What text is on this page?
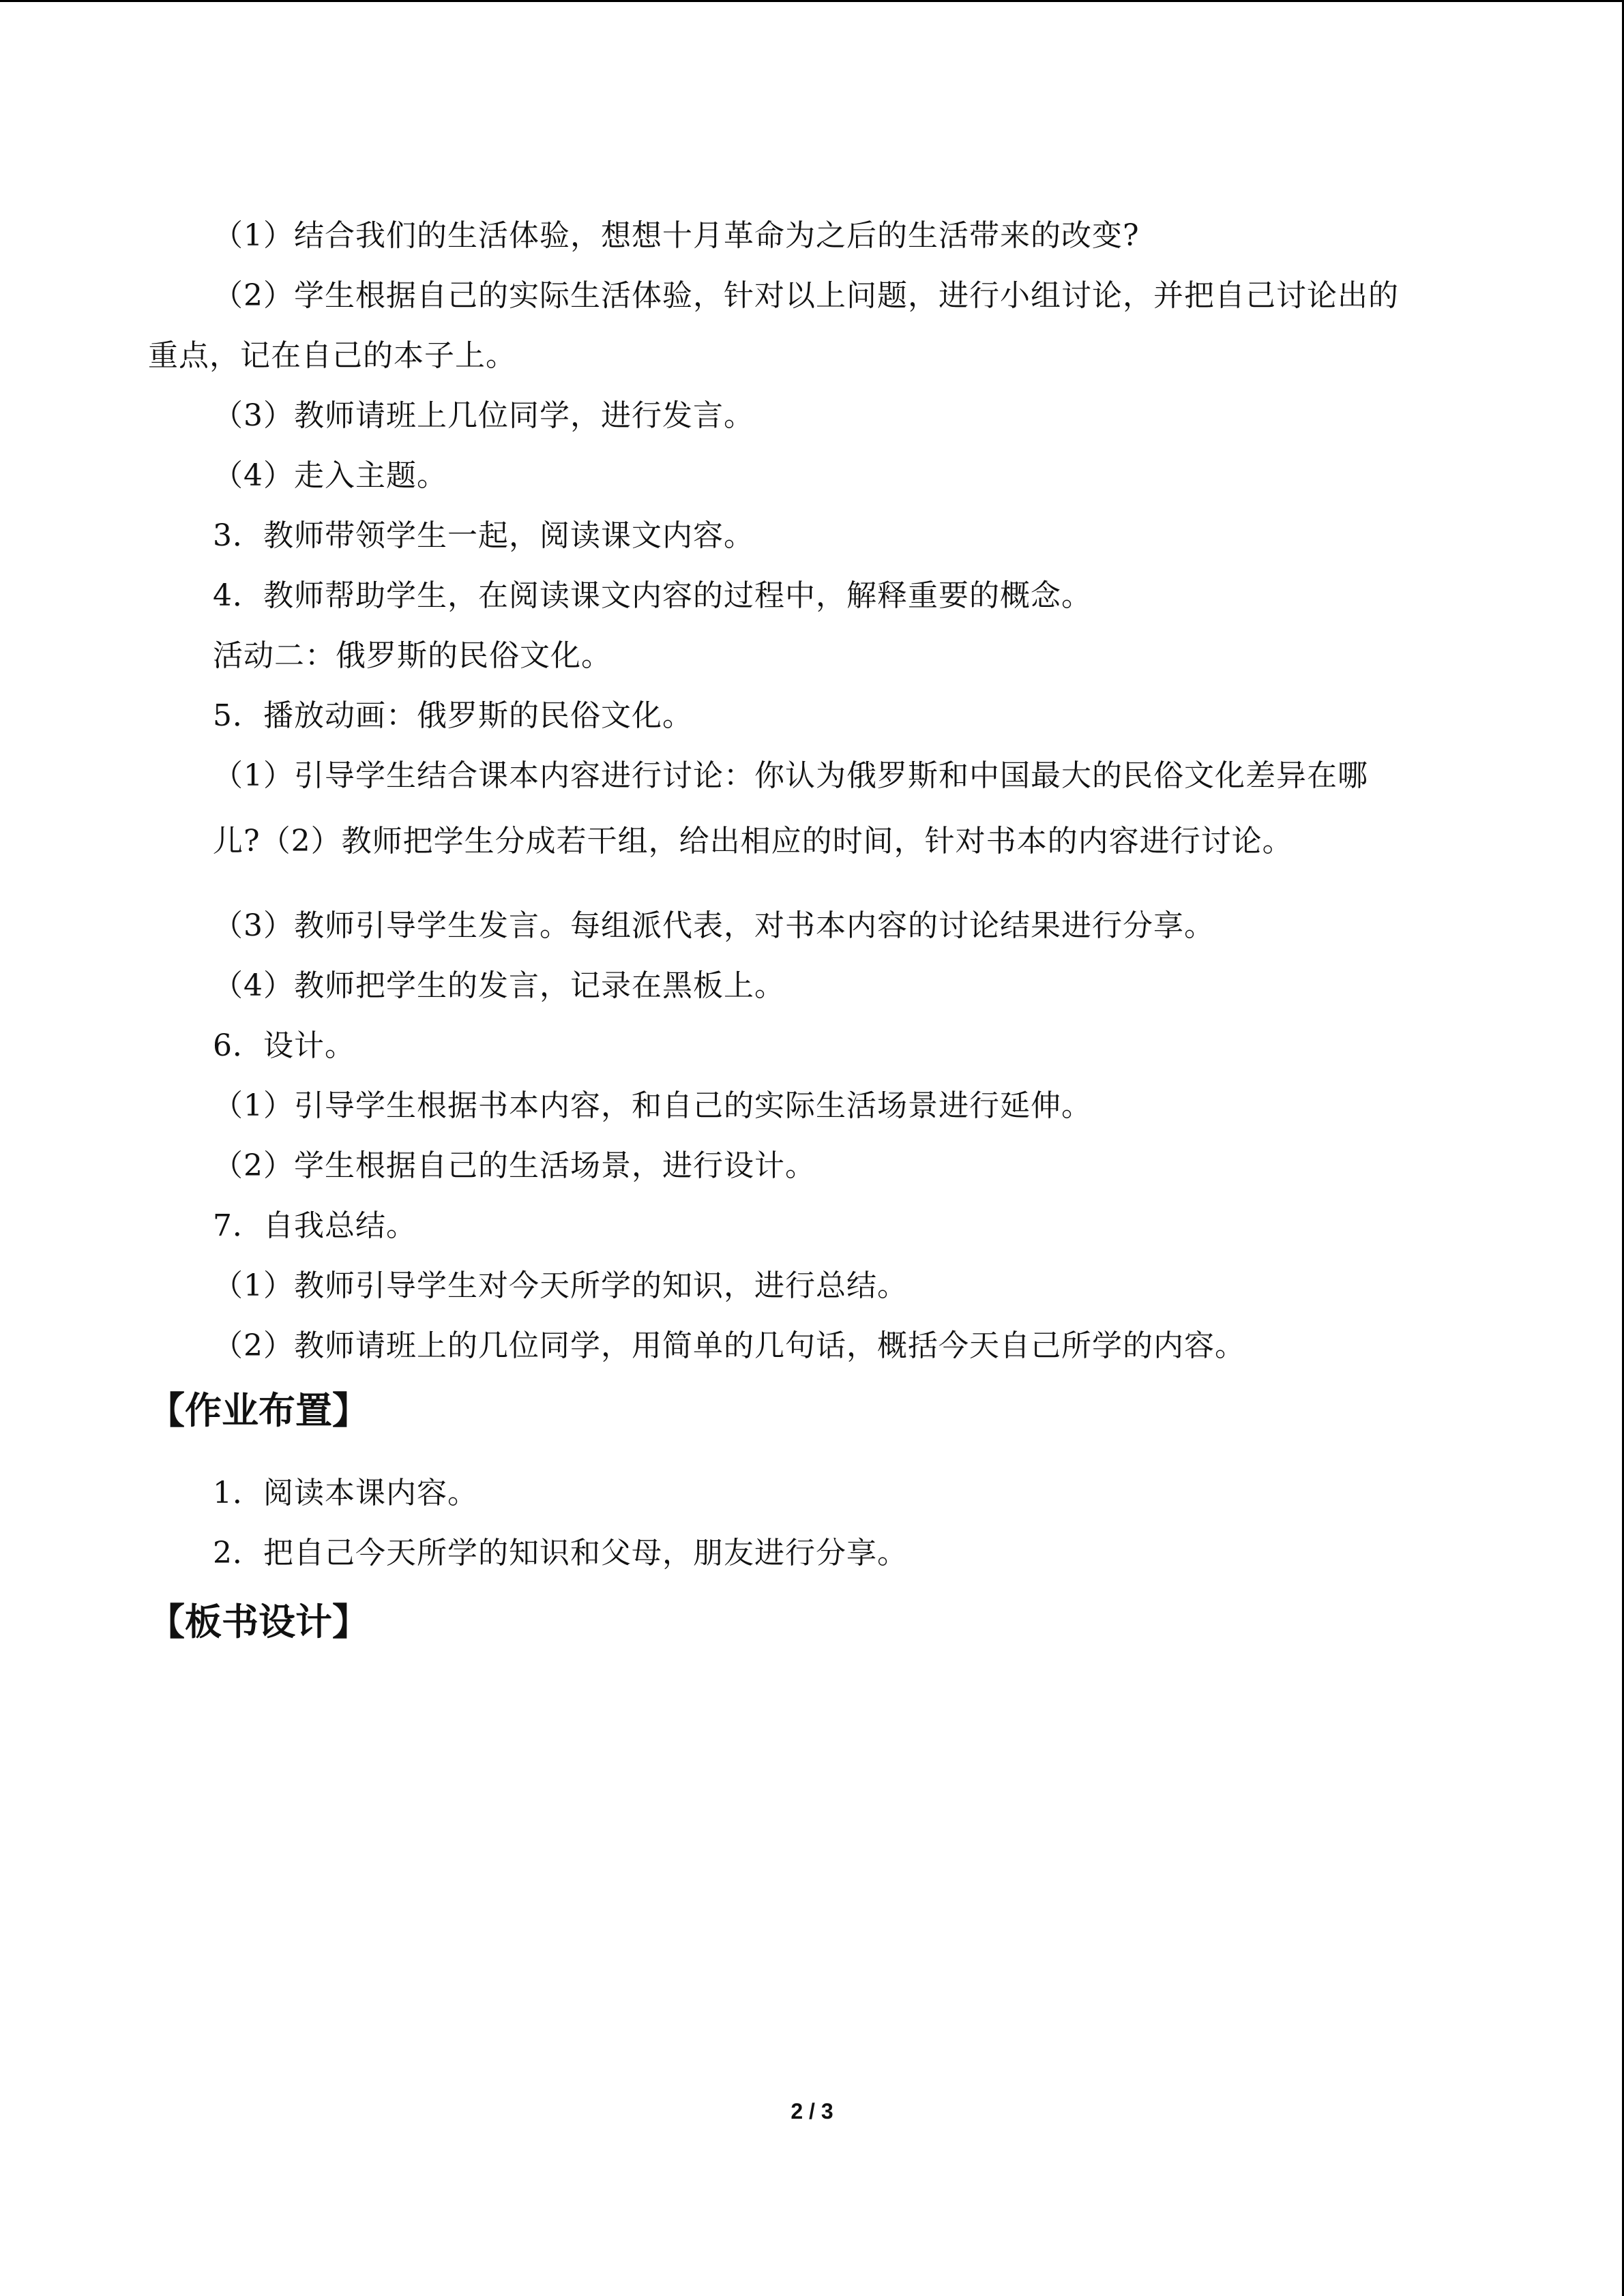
（1）结合我们的生活体验，想想十月革命为之后的生活带来的改变?
（2）学生根据自己的实际生活体验，针对以上问题，进行小组讨论，并把自己讨论出的
重点，记在自己的本子上。
（3）教师请班上几位同学，进行发言。
（4）走入主题。
3．教师带领学生一起，阅读课文内容。
4．教师帮助学生，在阅读课文内容的过程中，解释重要的概念。
活动二：俄罗斯的民俗文化。
5．播放动画：俄罗斯的民俗文化。
（1）引导学生结合课本内容进行讨论：你认为俄罗斯和中国最大的民俗文化差异在哪
儿?（2）教师把学生分成若干组，给出相应的时间，针对书本的内容进行讨论。
（3）教师引导学生发言。每组派代表，对书本内容的讨论结果进行分享。
（4）教师把学生的发言，记录在黑板上。
6．设计。
（1）引导学生根据书本内容，和自己的实际生活场景进行延伸。
（2）学生根据自己的生活场景，进行设计。
7．自我总结。
（1）教师引导学生对今天所学的知识，进行总结。
（2）教师请班上的几位同学，用简单的几句话，概括今天自己所学的内容。
【作业布置】
1．阅读本课内容。
2．把自己今天所学的知识和父母，朋友进行分享。
【板书设计】
2 / 3
